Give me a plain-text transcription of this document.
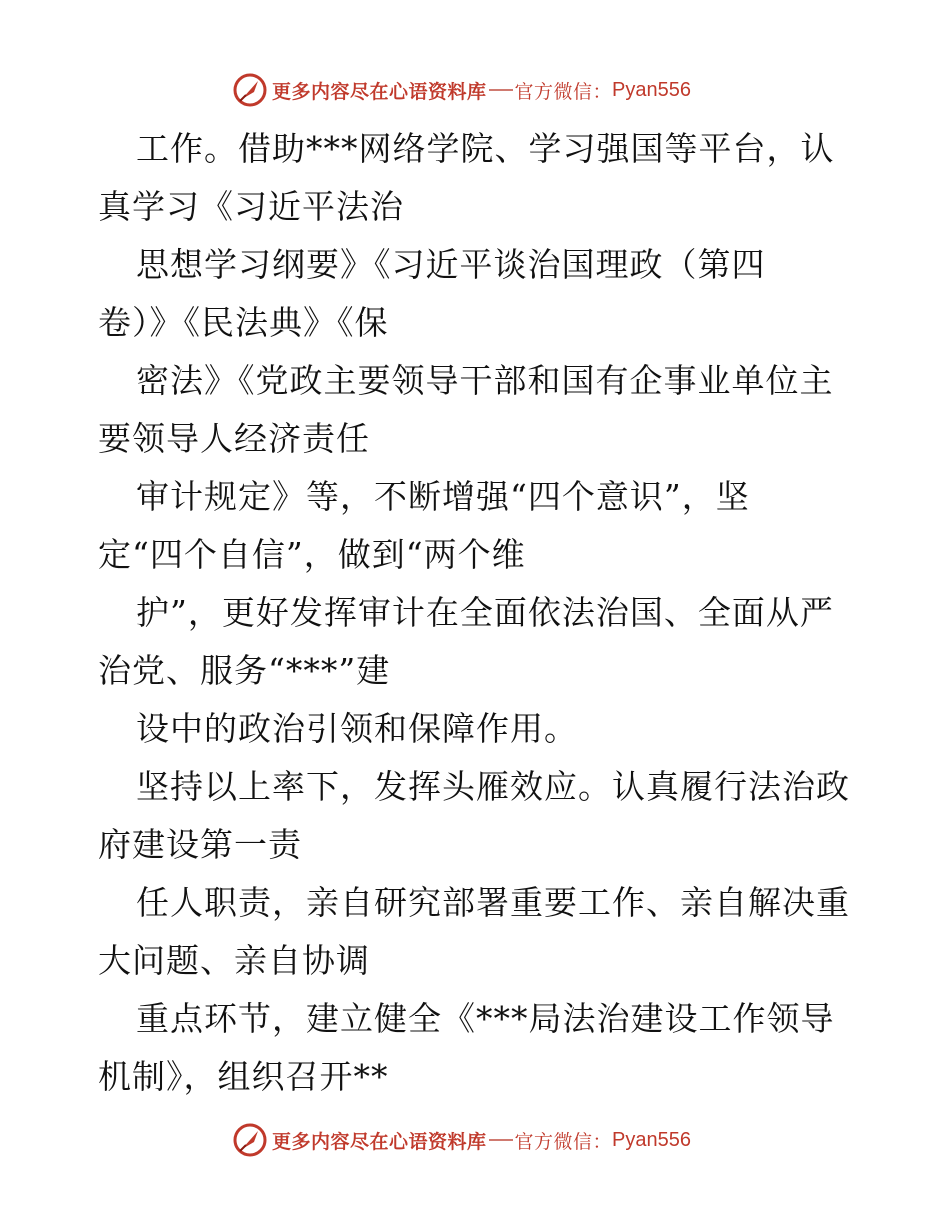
更多内容尽在心语资料库 官方微信： Pyan556
工作。借助***网络学院、学习强国等平台，认
真学习《习近平法治
思想学习纲要》《习近平谈治国理政（第四
卷）》《民法典》《保
密法》《党政主要领导干部和国有企事业单位主
要领导人经济责任
审计规定》等，不断增强“四个意识”，坚
定“四个自信”，做到“两个维
护”，更好发挥审计在全面依法治国、全面从严
治党、服务“***”建
设中的政治引领和保障作用。
坚持以上率下，发挥头雁效应。认真履行法治政
府建设第一责
任人职责，亲自研究部署重要工作、亲自解决重
大问题、亲自协调
重点环节，建立健全《***局法治建设工作领导
机制》，组织召开**
更多内容尽在心语资料库 官方微信： Pyan556
